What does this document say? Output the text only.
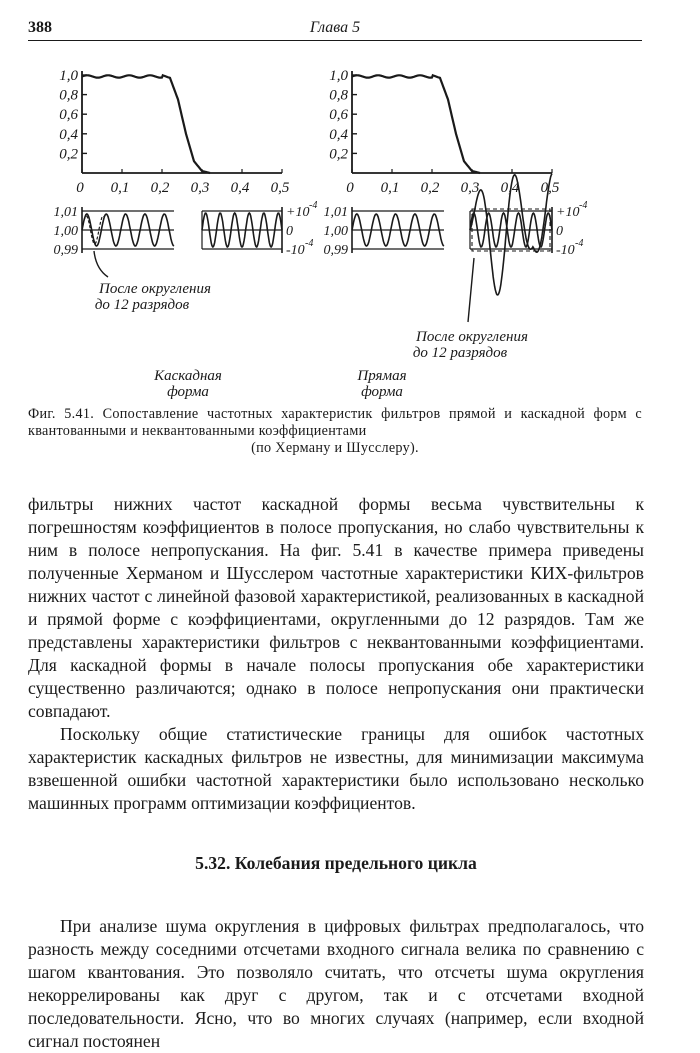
388	Глава 5
1,0
0,8
0,6
0,4
0,2
0 0,1 0,2 0,3 0,4 0,5
1,01
1,00
0,99
+10 -4
0
-10 -4
После округления
до 12 разрядов
Каскадная
форма
1,0
0,8
0,6
0,4
0,2
0 0,1 0,2 0,3 0,4 0,5
1,01
1,00
0,99
+10 -4
0
-10 -4
После округления
до 12 разрядов
Прямая
форма
Фиг. 5.41. Сопоставление частотных характеристик фильтров прямой и каскадной форм с квантованными и неквантованными коэффициентами
(по Херману и Шусслеру).

фильтры нижних частот каскадной формы весьма чувствительны к погрешностям коэффициентов в полосе пропускания, но слабо чувствительны к ним в полосе непропускания. На фиг. 5.41 в качестве примера приведены полученные Херманом и Шусслером частотные характеристики КИХ-фильтров нижних частот с линейной фазовой характеристикой, реализованных в каскадной и прямой форме с коэффициентами, округленными до 12 разрядов. Там же представлены характеристики фильтров с неквантованными коэффициентами. Для каскадной формы в начале полосы пропускания обе характеристики существенно различаются; однако в полосе непропускания они практически совпадают.

Поскольку общие статистические границы для ошибок частотных характеристик каскадных фильтров не известны, для минимизации максимума взвешенной ошибки частотной характеристики было использовано несколько машинных программ оптимизации коэффициентов.

5.32. Колебания предельного цикла

При анализе шума округления в цифровых фильтрах предполагалось, что разность между соседними отсчетами входного сигнала велика по сравнению с шагом квантования. Это позволяло считать, что отсчеты шума округления некоррелированы как друг с другом, так и с отсчетами входной последовательности. Ясно, что во многих случаях (например, если входной сигнал постоянен
